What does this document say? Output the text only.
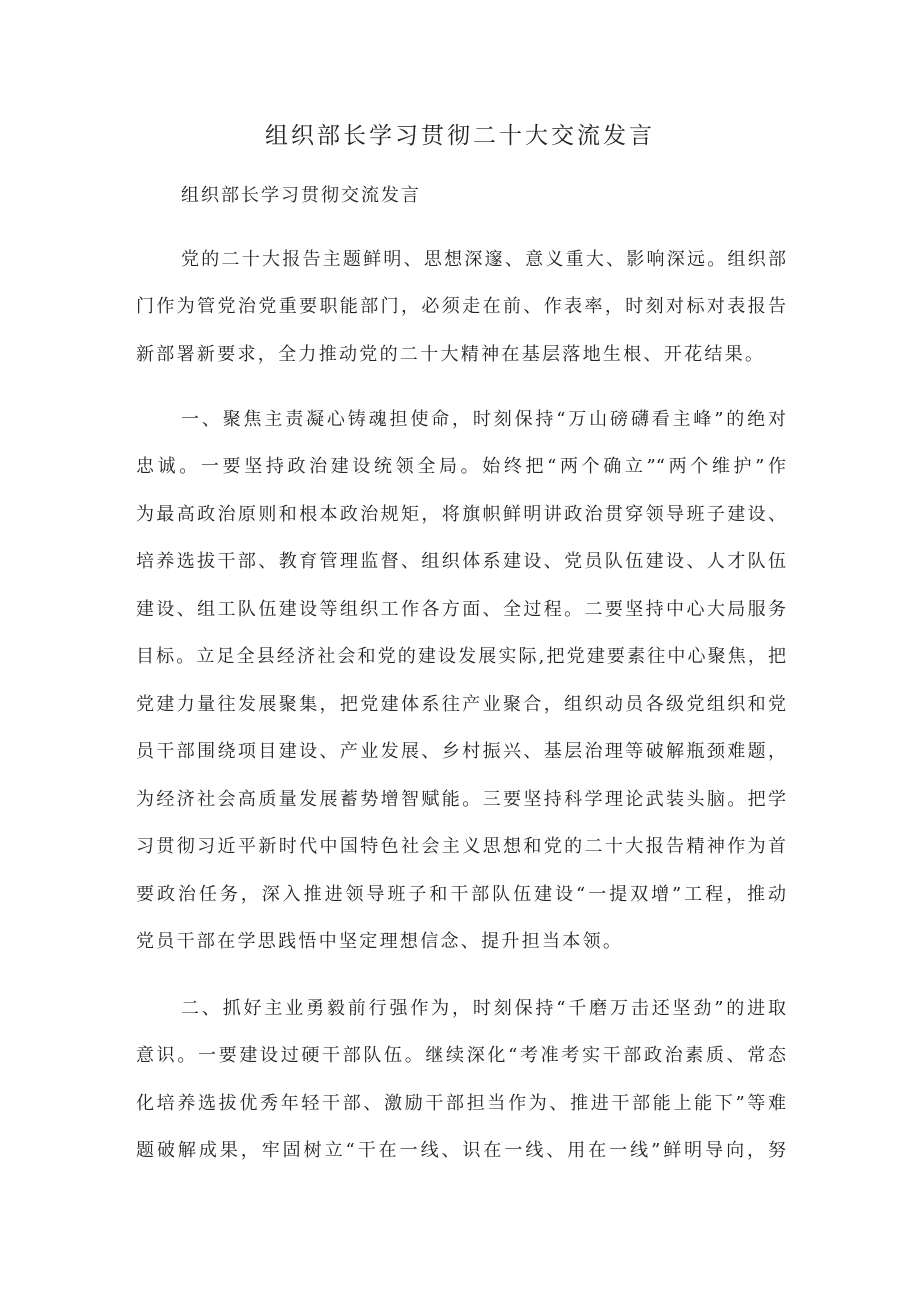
组织部长学习贯彻二十大交流发言

组织部长学习贯彻交流发言

党的二十大报告主题鲜明、思想深邃、意义重大、影响深远。组织部

门作为管党治党重要职能部门，必须走在前、作表率，时刻对标对表报告

新部署新要求，全力推动党的二十大精神在基层落地生根、开花结果。

一、聚焦主责凝心铸魂担使命，时刻保持“万山磅礴看主峰”的绝对

忠诚。一要坚持政治建设统领全局。始终把“两个确立”“两个维护”作

为最高政治原则和根本政治规矩，将旗帜鲜明讲政治贯穿领导班子建设、

培养选拔干部、教育管理监督、组织体系建设、党员队伍建设、人才队伍

建设、组工队伍建设等组织工作各方面、全过程。二要坚持中心大局服务

目标。立足全县经济社会和党的建设发展实际,把党建要素往中心聚焦，把

党建力量往发展聚集，把党建体系往产业聚合，组织动员各级党组织和党

员干部围绕项目建设、产业发展、乡村振兴、基层治理等破解瓶颈难题，

为经济社会高质量发展蓄势增智赋能。三要坚持科学理论武装头脑。把学

习贯彻习近平新时代中国特色社会主义思想和党的二十大报告精神作为首

要政治任务，深入推进领导班子和干部队伍建设“一提双增”工程，推动

党员干部在学思践悟中坚定理想信念、提升担当本领。

二、抓好主业勇毅前行强作为，时刻保持“千磨万击还坚劲”的进取

意识。一要建设过硬干部队伍。继续深化“考准考实干部政治素质、常态

化培养选拔优秀年轻干部、激励干部担当作为、推进干部能上能下”等难

题破解成果，牢固树立“干在一线、识在一线、用在一线”鲜明导向，努
